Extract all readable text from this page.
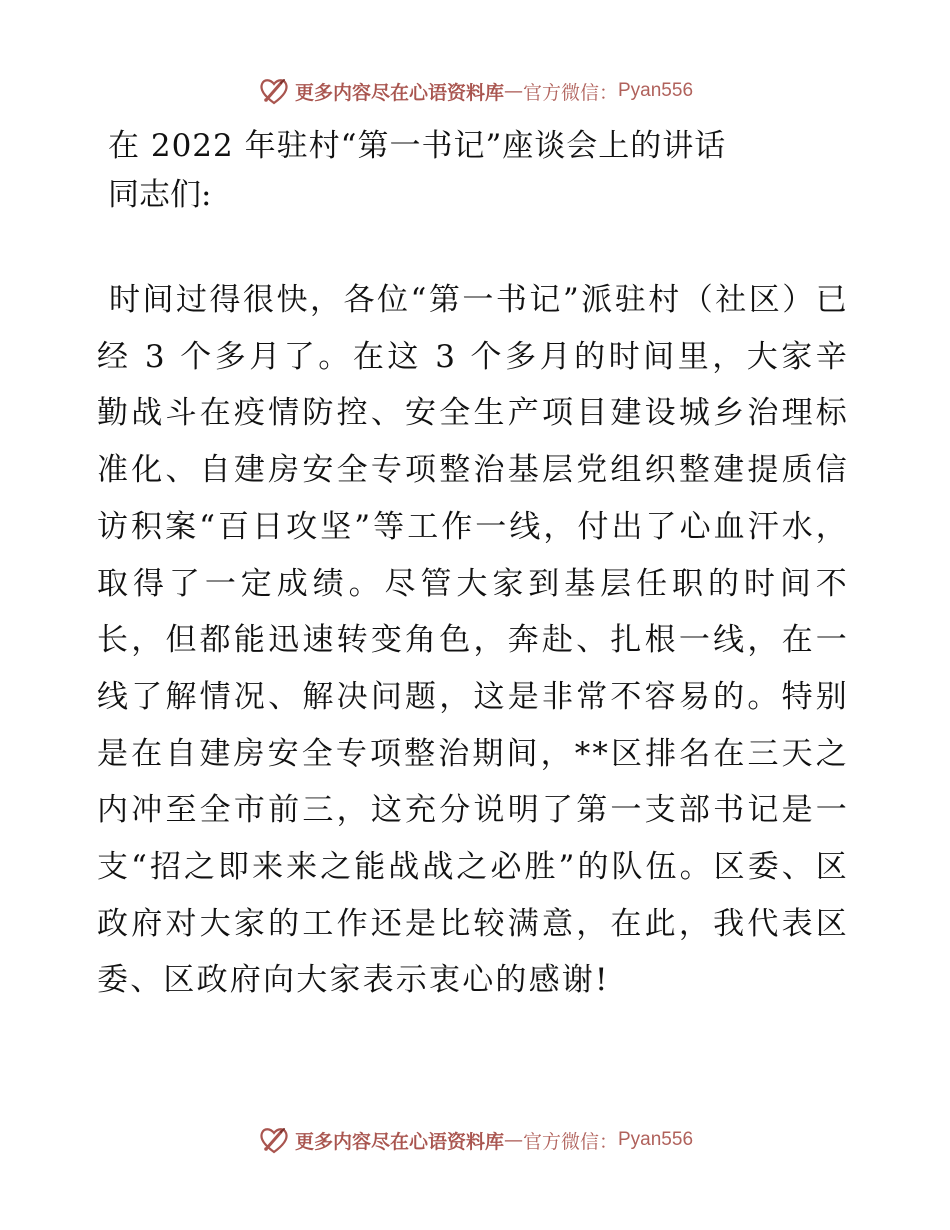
更多内容尽在心语资料库 — 官方微信： Pyan556
在 2022 年驻村“第一书记”座谈会上的讲话

同志们:

时间过得很快，各位“第一书记”派驻村（社区）已经 3 个多月了。在这 3 个多月的时间里，大家辛勤战斗在疫情防控、安全生产项目建设城乡治理标准化、自建房安全专项整治基层党组织整建提质信访积案“百日攻坚”等工作一线，付出了心血汗水，取得了一定成绩。尽管大家到基层任职的时间不长，但都能迅速转变角色，奔赴、扎根一线，在一线了解情况、解决问题，这是非常不容易的。特别是在自建房安全专项整治期间，**区排名在三天之内冲至全市前三，这充分说明了第一支部书记是一支“招之即来来之能战战之必胜”的队伍。区委、区政府对大家的工作还是比较满意，在此，我代表区委、区政府向大家表示衷心的感谢!

更多内容尽在心语资料库 — 官方微信： Pyan556
